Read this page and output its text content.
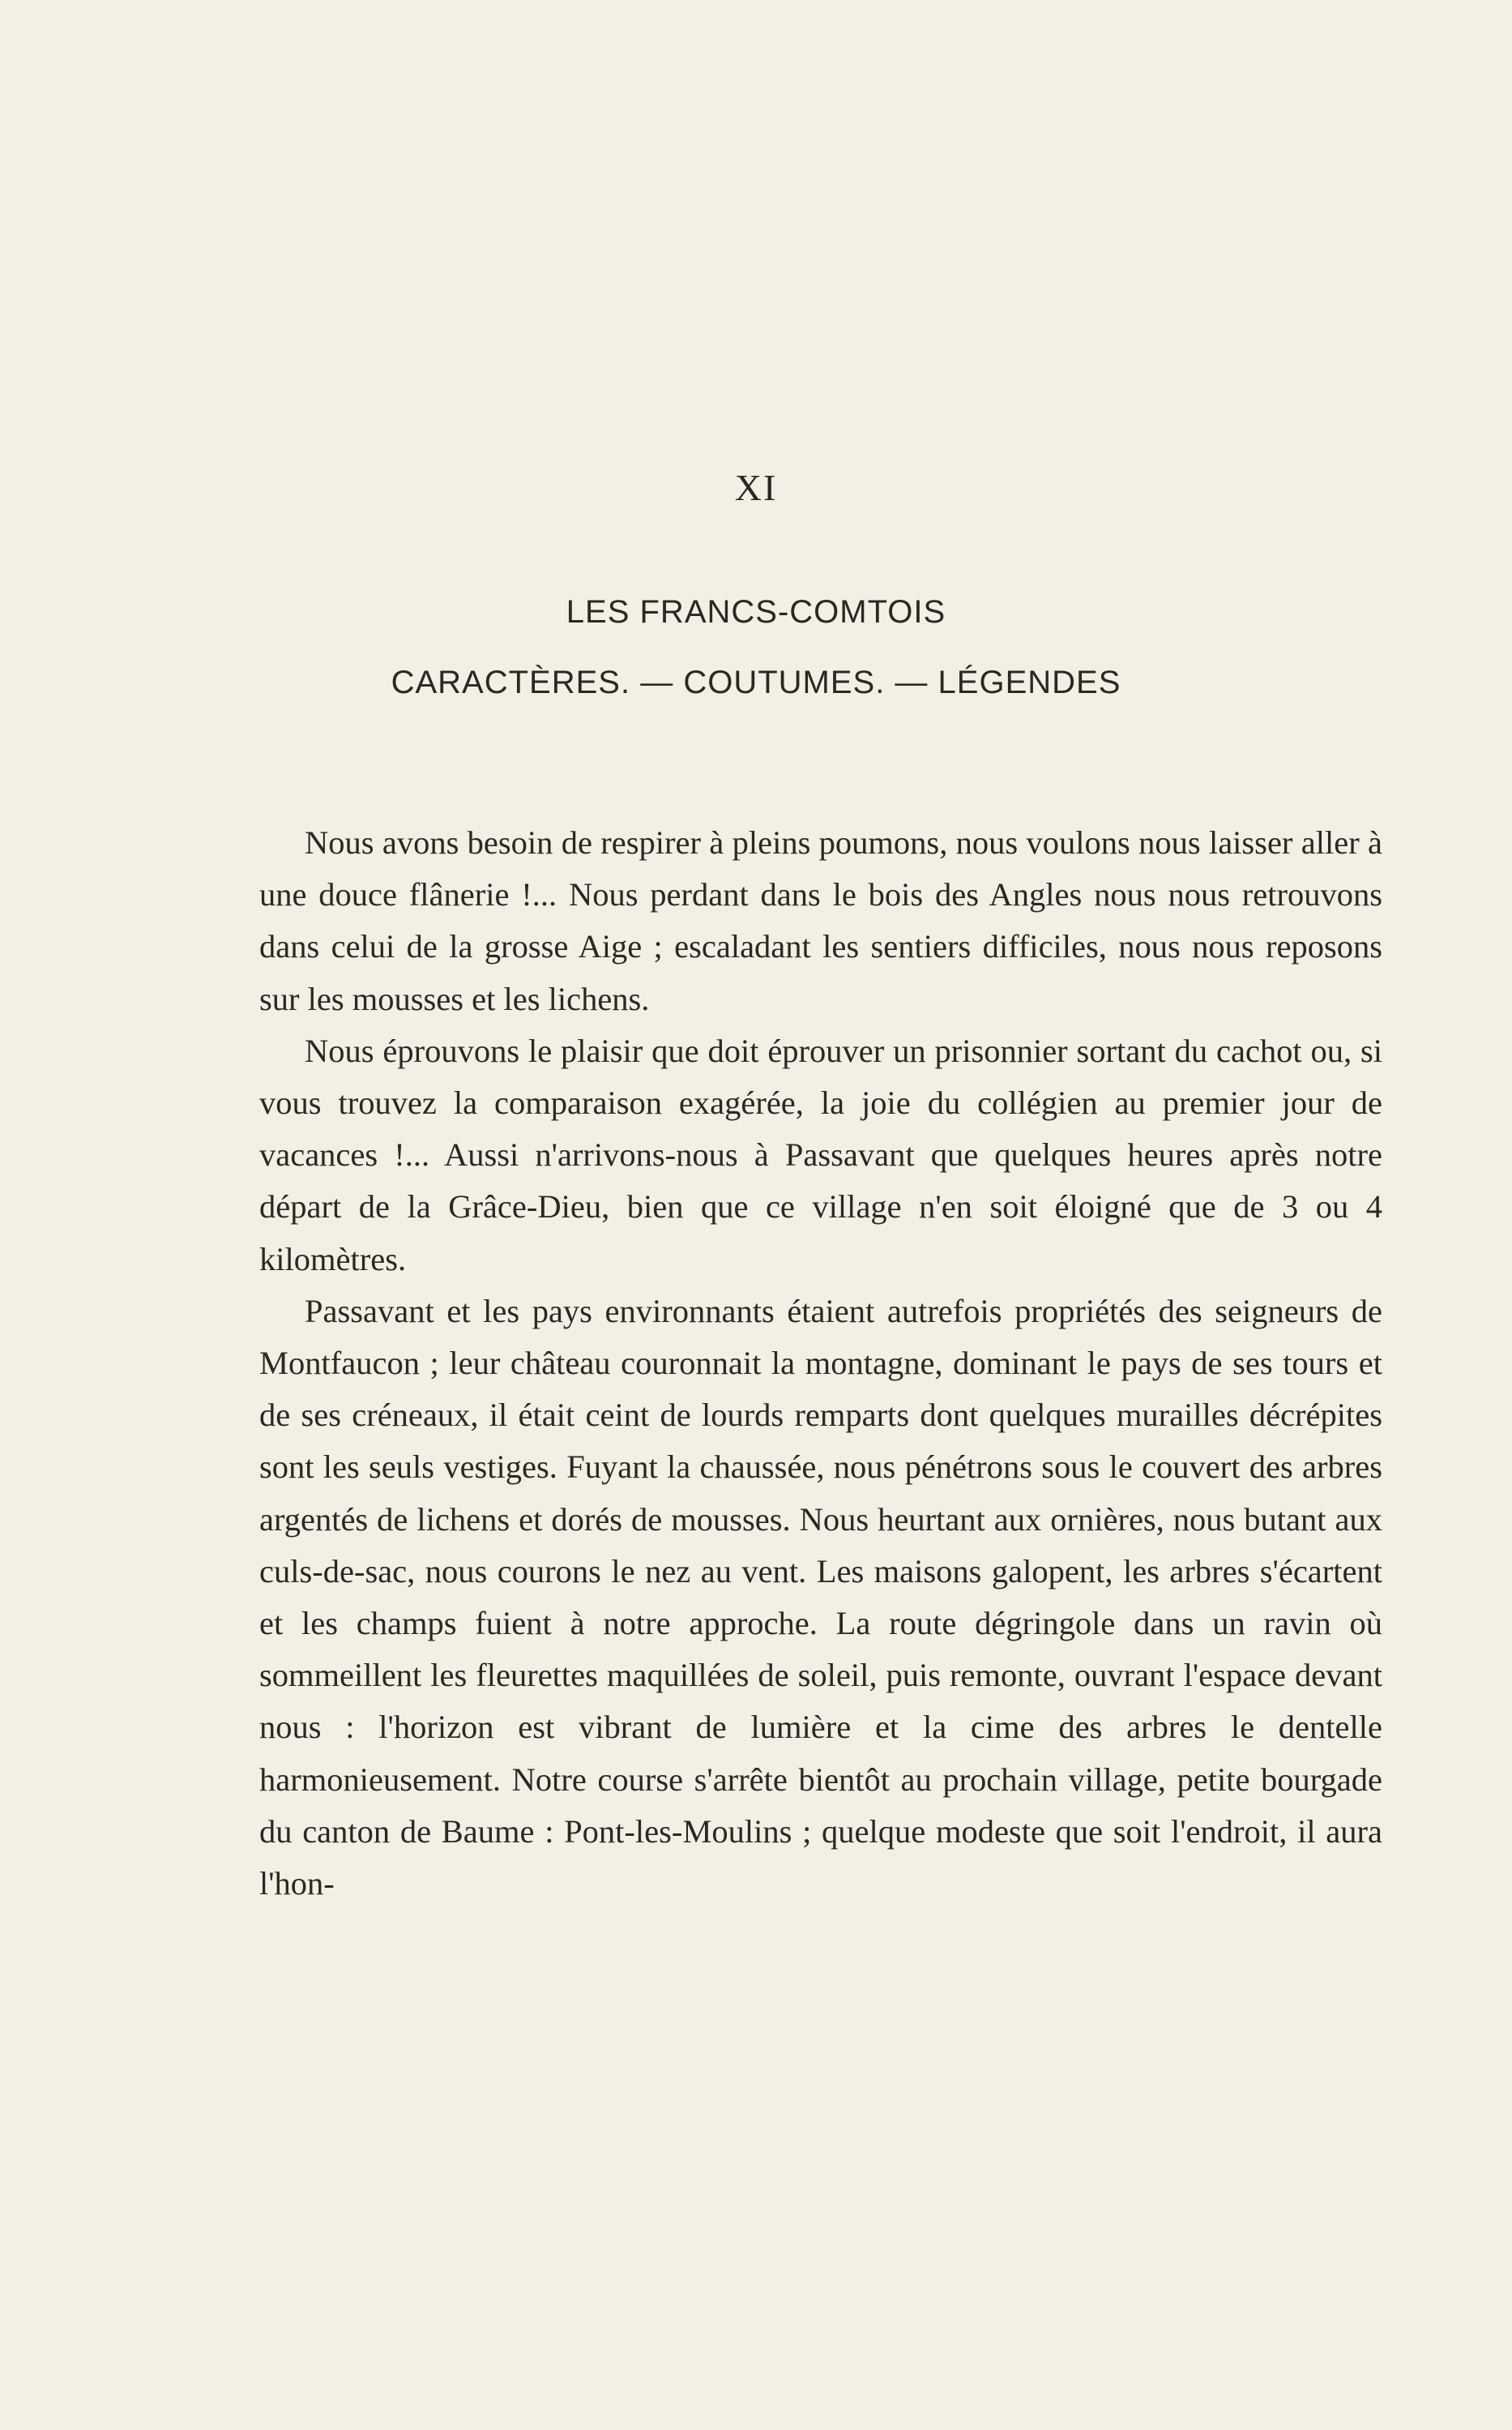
XI
LES FRANCS-COMTOIS
CARACTÈRES. — COUTUMES. — LÉGENDES

Nous avons besoin de respirer à pleins poumons, nous voulons nous laisser aller à une douce flânerie !... Nous perdant dans le bois des Angles nous nous retrouvons dans celui de la grosse Aige ; escaladant les sentiers difficiles, nous nous reposons sur les mousses et les lichens.

Nous éprouvons le plaisir que doit éprouver un prisonnier sortant du cachot ou, si vous trouvez la comparaison exagérée, la joie du collégien au premier jour de vacances !... Aussi n'arrivons-nous à Passavant que quelques heures après notre départ de la Grâce-Dieu, bien que ce village n'en soit éloigné que de 3 ou 4 kilomètres.

Passavant et les pays environnants étaient autrefois propriétés des seigneurs de Montfaucon ; leur château couronnait la montagne, dominant le pays de ses tours et de ses créneaux, il était ceint de lourds remparts dont quelques murailles décrépites sont les seuls vestiges. Fuyant la chaussée, nous pénétrons sous le couvert des arbres argentés de lichens et dorés de mousses. Nous heurtant aux ornières, nous butant aux culs-de-sac, nous courons le nez au vent. Les maisons galopent, les arbres s'écartent et les champs fuient à notre approche. La route dégringole dans un ravin où sommeillent les fleurettes maquillées de soleil, puis remonte, ouvrant l'espace devant nous : l'horizon est vibrant de lumière et la cime des arbres le dentelle harmonieusement. Notre course s'arrête bientôt au prochain village, petite bourgade du canton de Baume : Pont-les-Moulins ; quelque modeste que soit l'endroit, il aura l'hon-
